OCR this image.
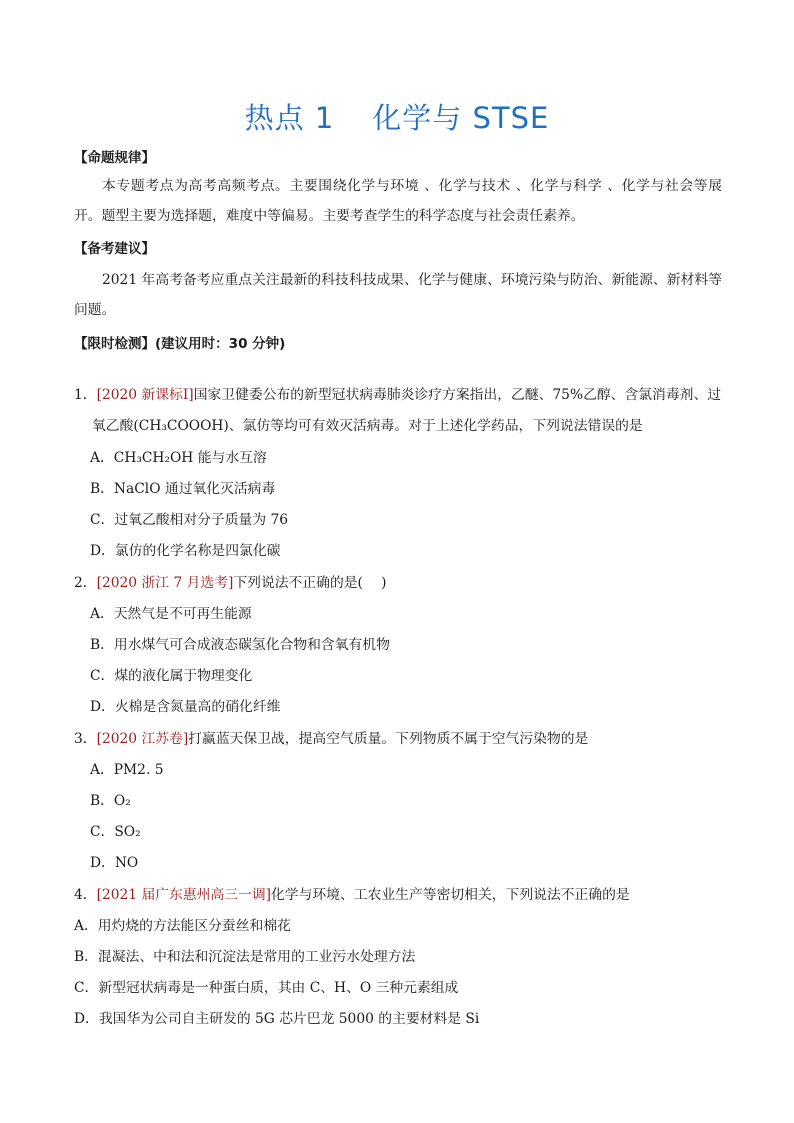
热点 1 化学与 STSE
【命题规律】
本专题考点为高考高频考点。主要围绕化学与环境 、化学与技术 、化学与科学 、化学与社会等展开。题型主要为选择题，难度中等偏易。主要考查学生的科学态度与社会责任素养。
【备考建议】
2021 年高考备考应重点关注最新的科技科技成果、化学与健康、环境污染与防治、新能源、新材料等问题。
【限时检测】(建议用时：30 分钟)
1．[2020 新课标Ⅰ]国家卫健委公布的新型冠状病毒肺炎诊疗方案指出，乙醚、75%乙醇、含氯消毒剂、过
氧乙酸(CH₃COOOH)、氯仿等均可有效灭活病毒。对于上述化学药品，下列说法错误的是
A．CH₃CH₂OH 能与水互溶
B．NaClO 通过氧化灭活病毒
C．过氧乙酸相对分子质量为 76
D．氯仿的化学名称是四氯化碳
2．[2020 浙江 7 月选考]下列说法不正确的是(　 )
A．天然气是不可再生能源
B．用水煤气可合成液态碳氢化合物和含氧有机物
C．煤的液化属于物理变化
D．火棉是含氮量高的硝化纤维
3．[2020 江苏卷]打赢蓝天保卫战，提高空气质量。下列物质不属于空气污染物的是
A．PM2. 5
B．O₂
C．SO₂
D．NO
4．[2021 届广东惠州高三一调]化学与环境、工农业生产等密切相关，下列说法不正确的是
A．用灼烧的方法能区分蚕丝和棉花
B．混凝法、中和法和沉淀法是常用的工业污水处理方法
C．新型冠状病毒是一种蛋白质，其由 C、H、O 三种元素组成
D．我国华为公司自主研发的 5G 芯片巴龙 5000 的主要材料是 Si
